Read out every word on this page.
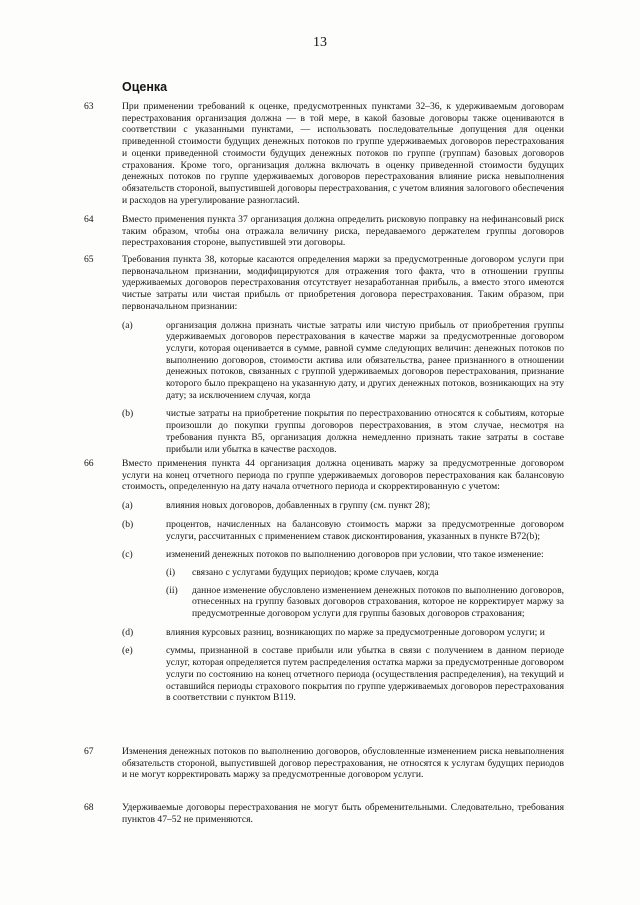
13
Оценка
63	При применении требований к оценке, предусмотренных пунктами 32–36, к удерживаемым договорам перестрахования организация должна — в той мере, в какой базовые договоры также оцениваются в соответствии с указанными пунктами, — использовать последовательные допущения для оценки приведенной стоимости будущих денежных потоков по группе удерживаемых договоров перестрахования и оценки приведенной стоимости будущих денежных потоков по группе (группам) базовых договоров страхования. Кроме того, организация должна включать в оценку приведенной стоимости будущих денежных потоков по группе удерживаемых договоров перестрахования влияние риска невыполнения обязательств стороной, выпустившей договоры перестрахования, с учетом влияния залогового обеспечения и расходов на урегулирование разногласий.
64	Вместо применения пункта 37 организация должна определить рисковую поправку на нефинансовый риск таким образом, чтобы она отражала величину риска, передаваемого держателем группы договоров перестрахования стороне, выпустившей эти договоры.
65	Требования пункта 38, которые касаются определения маржи за предусмотренные договором услуги при первоначальном признании, модифицируются для отражения того факта, что в отношении группы удерживаемых договоров перестрахования отсутствует незаработанная прибыль, а вместо этого имеются чистые затраты или чистая прибыль от приобретения договора перестрахования. Таким образом, при первоначальном признании:
(a)	организация должна признать чистые затраты или чистую прибыль от приобретения группы удерживаемых договоров перестрахования в качестве маржи за предусмотренные договором услуги, которая оценивается в сумме, равной сумме следующих величин: денежных потоков по выполнению договоров, стоимости актива или обязательства, ранее признанного в отношении денежных потоков, связанных с группой удерживаемых договоров перестрахования, признание которого было прекращено на указанную дату, и других денежных потоков, возникающих на эту дату; за исключением случая, когда
(b)	чистые затраты на приобретение покрытия по перестрахованию относятся к событиям, которые произошли до покупки группы договоров перестрахования, в этом случае, несмотря на требования пункта B5, организация должна немедленно признать такие затраты в составе прибыли или убытка в качестве расходов.
66	Вместо применения пункта 44 организация должна оценивать маржу за предусмотренные договором услуги на конец отчетного периода по группе удерживаемых договоров перестрахования как балансовую стоимость, определенную на дату начала отчетного периода и скорректированную с учетом:
(a)	влияния новых договоров, добавленных в группу (см. пункт 28);
(b)	процентов, начисленных на балансовую стоимость маржи за предусмотренные договором услуги, рассчитанных с применением ставок дисконтирования, указанных в пункте B72(b);
(c)	изменений денежных потоков по выполнению договоров при условии, что такое изменение:
(i) связано с услугами будущих периодов; кроме случаев, когда
(ii) данное изменение обусловлено изменением денежных потоков по выполнению договоров, отнесенных на группу базовых договоров страхования, которое не корректирует маржу за предусмотренные договором услуги для группы базовых договоров страхования;
(d)	влияния курсовых разниц, возникающих по марже за предусмотренные договором услуги; и
(e)	суммы, признанной в составе прибыли или убытка в связи с получением в данном периоде услуг, которая определяется путем распределения остатка маржи за предусмотренные договором услуги по состоянию на конец отчетного периода (осуществления распределения), на текущий и оставшийся периоды страхового покрытия по группе удерживаемых договоров перестрахования в соответствии с пунктом B119.
67	Изменения денежных потоков по выполнению договоров, обусловленные изменением риска невыполнения обязательств стороной, выпустившей договор перестрахования, не относятся к услугам будущих периодов и не могут корректировать маржу за предусмотренные договором услуги.
68	Удерживаемые договоры перестрахования не могут быть обременительными. Следовательно, требования пунктов 47–52 не применяются.
